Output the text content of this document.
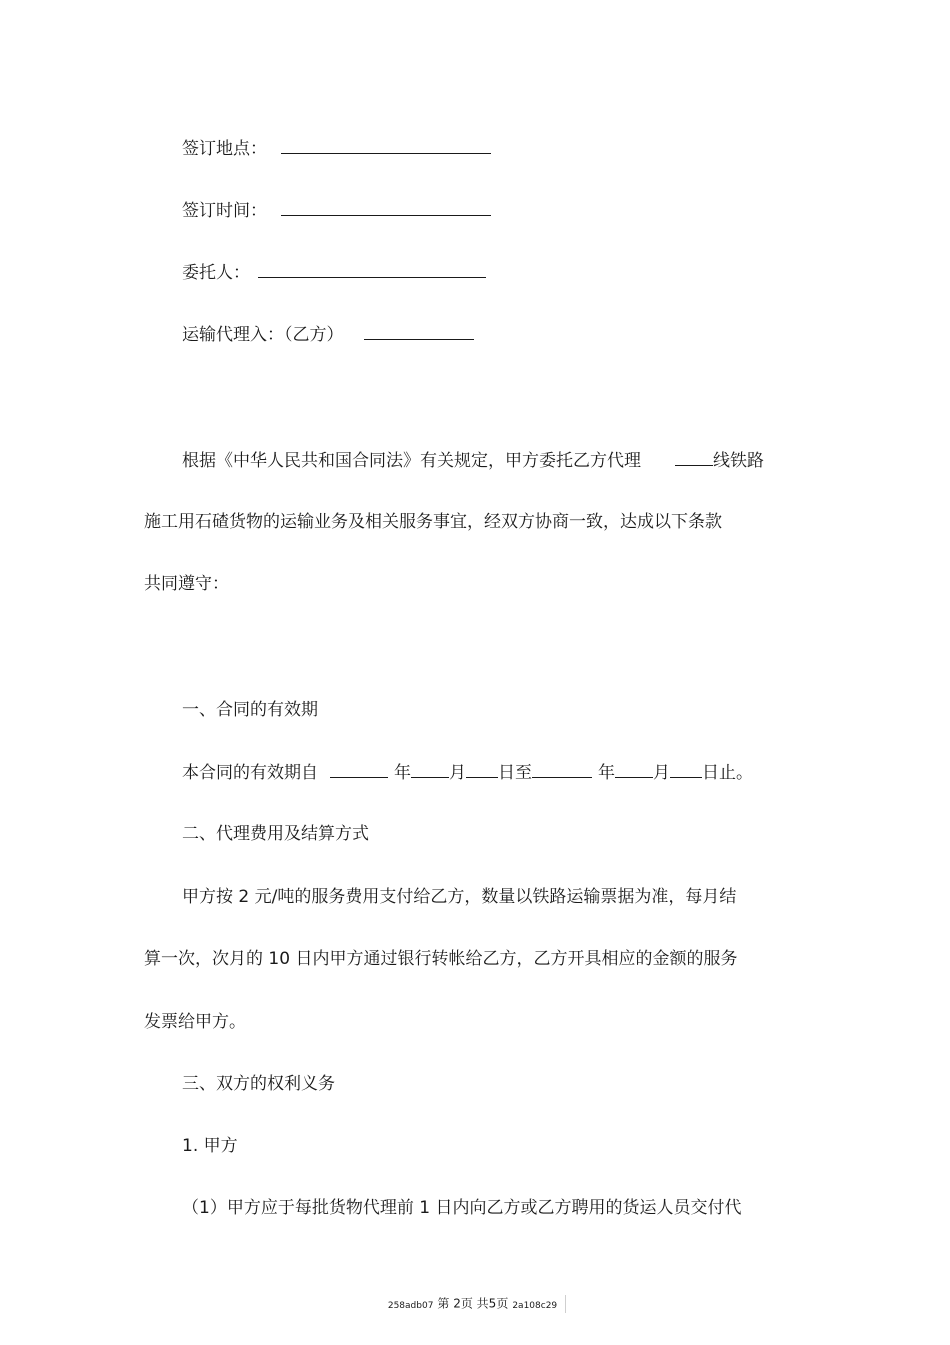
签订地点：
签订时间：
委托人：
运输代理入：（乙方）
根据《中华人民共和国合同法》有关规定，甲方委托乙方代理	线铁路
施工用石碴货物的运输业务及相关服务事宜，经双方协商一致，达成以下条款
共同遵守：
一、合同的有效期
本合同的有效期自	年 月 日至	年 月 日止。
二、代理费用及结算方式
甲方按 2 元/吨的服务费用支付给乙方，数量以铁路运输票据为准，每月结
算一次，次月的 10 日内甲方通过银行转帐给乙方，乙方开具相应的金额的服务
发票给甲方。
三、双方的权利义务
1. 甲方
（1）甲方应于每批货物代理前 1 日内向乙方或乙方聘用的货运人员交付代
258adb07 第 2页 共5页 2a108c29
